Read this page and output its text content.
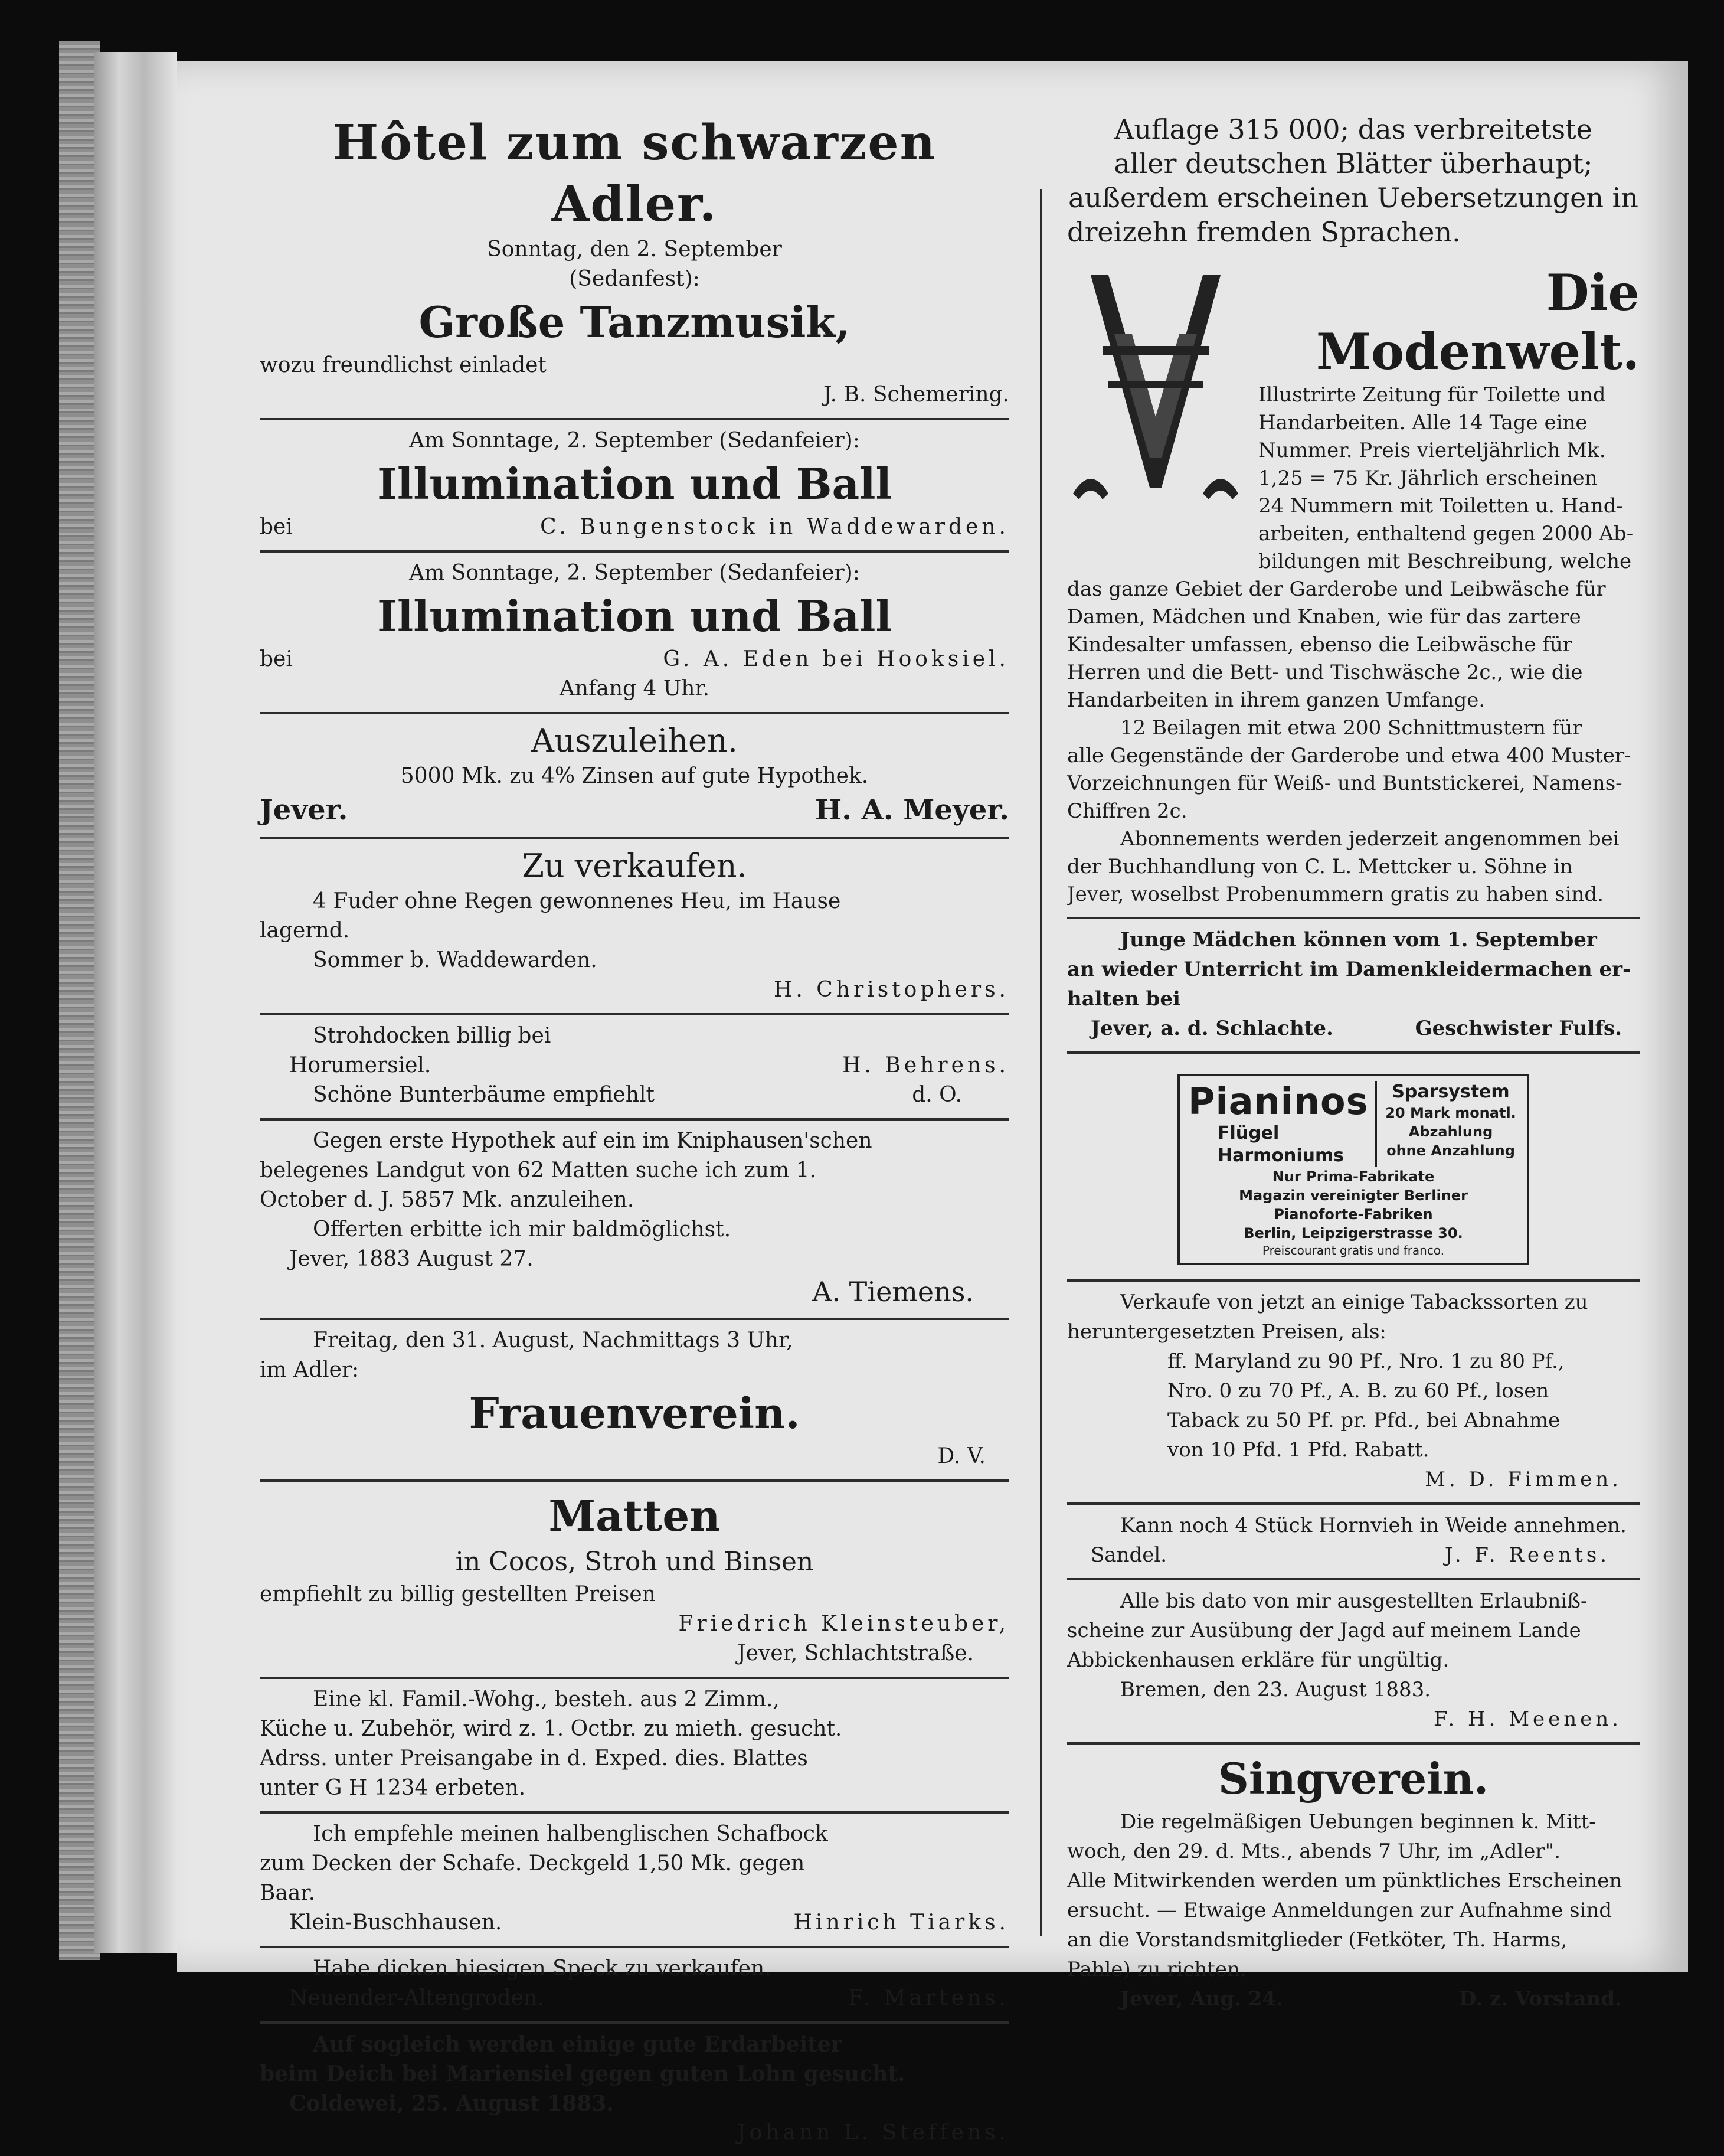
Hôtel zum schwarzen Adler.
Sonntag, den 2. September
(Sedanfest):
Große Tanzmusik,
wozu freundlichst einladet
J. B. Schemering.
Am Sonntage, 2. September (Sedanfeier):
Illumination und Ball
bei	C. Bungenstock in Waddewarden.
Am Sonntage, 2. September (Sedanfeier):
Illumination und Ball
bei	G. A. Eden bei Hooksiel.
Anfang 4 Uhr.
Auszuleihen.
5000 Mk. zu 4% Zinsen auf gute Hypothek.
Jever.	H. A. Meyer.
Zu verkaufen.
4 Fuder ohne Regen gewonnenes Heu, im Hause
lagernd.
Sommer b. Waddewarden.
H. Christophers.
Strohdocken billig bei
Horumersiel.	H. Behrens.
Schöne Bunterbäume empfiehlt	d. O.
Gegen erste Hypothek auf ein im Kniphausen'schen
belegenes Landgut von 62 Matten suche ich zum 1.
October d. J. 5857 Mk. anzuleihen.
Offerten erbitte ich mir baldmöglichst.
Jever, 1883 August 27.
A. Tiemens.
Freitag, den 31. August, Nachmittags 3 Uhr,
im Adler:
Frauenverein.
D. V.
Matten
in Cocos, Stroh und Binsen
empfiehlt zu billig gestellten Preisen
Friedrich Kleinsteuber,
Jever, Schlachtstraße.
Eine kl. Famil.-Wohg., besteh. aus 2 Zimm.,
Küche u. Zubehör, wird z. 1. Octbr. zu mieth. gesucht.
Adrss. unter Preisangabe in d. Exped. dies. Blattes
unter G H 1234 erbeten.
Ich empfehle meinen halbenglischen Schafbock
zum Decken der Schafe. Deckgeld 1,50 Mk. gegen
Baar.
Klein-Buschhausen.	Hinrich Tiarks.
Habe dicken hiesigen Speck zu verkaufen.
Neuender-Altengroden.	F. Martens.
Auf sogleich werden einige gute Erdarbeiter
beim Deich bei Mariensiel gegen guten Lohn gesucht.
Coldewei, 25. August 1883.
Johann L. Steffens.
Auflage 315 000; das verbreitetste
aller deutschen Blätter überhaupt;
außerdem erscheinen Uebersetzungen in
dreizehn fremden Sprachen.
Die Modenwelt.
Illustrirte Zeitung für Toilette und
Handarbeiten. Alle 14 Tage eine
Nummer. Preis vierteljährlich Mk.
1,25 = 75 Kr. Jährlich erscheinen
24 Nummern mit Toiletten u. Hand-
arbeiten, enthaltend gegen 2000 Ab-
bildungen mit Beschreibung, welche
das ganze Gebiet der Garderobe und Leibwäsche für
Damen, Mädchen und Knaben, wie für das zartere
Kindesalter umfassen, ebenso die Leibwäsche für
Herren und die Bett- und Tischwäsche 2c., wie die
Handarbeiten in ihrem ganzen Umfange.
12 Beilagen mit etwa 200 Schnittmustern für
alle Gegenstände der Garderobe und etwa 400 Muster-
Vorzeichnungen für Weiß- und Buntstickerei, Namens-
Chiffren 2c.
Abonnements werden jederzeit angenommen bei
der Buchhandlung von C. L. Mettcker u. Söhne in
Jever, woselbst Probenummern gratis zu haben sind.
Junge Mädchen können vom 1. September
an wieder Unterricht im Damenkleidermachen er-
halten bei
Jever, a. d. Schlachte.	Geschwister Fulfs.
Pianinos
Flügel
Harmoniums
Sparsystem
20 Mark monatl.
Abzahlung
ohne Anzahlung
Nur Prima-Fabrikate
Magazin vereinigter Berliner
Pianoforte-Fabriken
Berlin, Leipzigerstrasse 30.
Preiscourant gratis und franco.
Verkaufe von jetzt an einige Tabackssorten zu
heruntergesetzten Preisen, als:
ff. Maryland zu 90 Pf., Nro. 1 zu 80 Pf.,
Nro. 0 zu 70 Pf., A. B. zu 60 Pf., losen
Taback zu 50 Pf. pr. Pfd., bei Abnahme
von 10 Pfd. 1 Pfd. Rabatt.
M. D. Fimmen.
Kann noch 4 Stück Hornvieh in Weide annehmen.
Sandel.	J. F. Reents.
Alle bis dato von mir ausgestellten Erlaubniß-
scheine zur Ausübung der Jagd auf meinem Lande
Abbickenhausen erkläre für ungültig.
Bremen, den 23. August 1883.
F. H. Meenen.
Singverein.
Die regelmäßigen Uebungen beginnen k. Mitt-
woch, den 29. d. Mts., abends 7 Uhr, im „Adler".
Alle Mitwirkenden werden um pünktliches Erscheinen
ersucht. — Etwaige Anmeldungen zur Aufnahme sind
an die Vorstandsmitglieder (Fetköter, Th. Harms,
Pahle) zu richten.
Jever, Aug. 24.	D. z. Vorstand.
